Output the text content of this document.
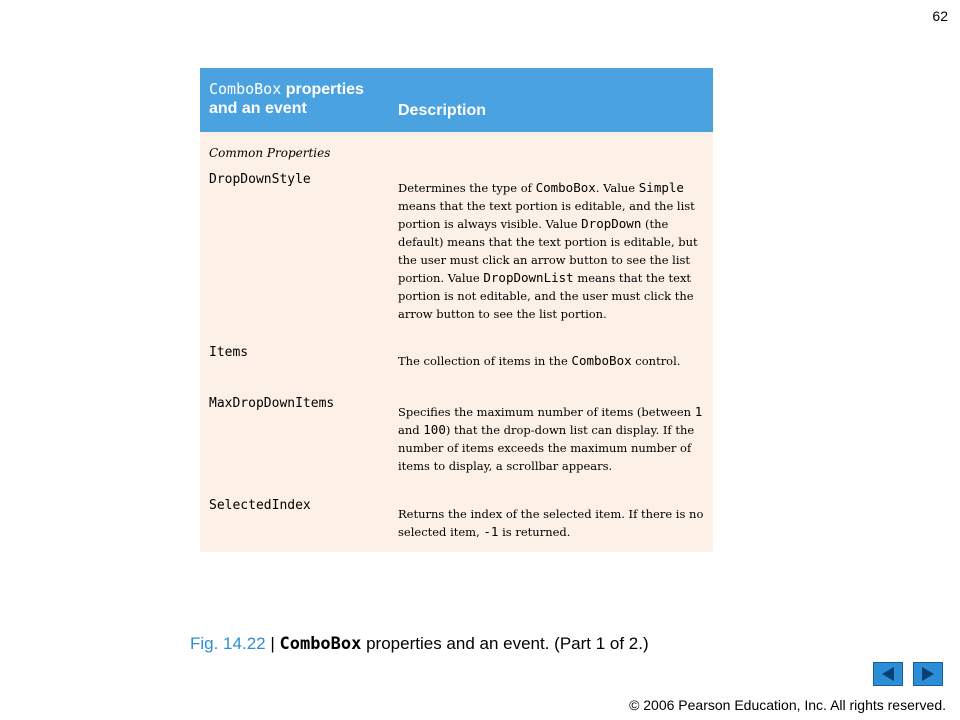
62
ComboBox properties
and an event	Description
Common Properties
DropDownStyle
Determines the type of ComboBox. Value Simple means that the text portion is editable, and the list portion is always visible. Value DropDown (the default) means that the text portion is editable, but the user must click an arrow button to see the list portion. Value DropDownList means that the text portion is not editable, and the user must click the arrow button to see the list portion.
Items
The collection of items in the ComboBox control.
MaxDropDownItems
Specifies the maximum number of items (between 1 and 100) that the drop-down list can display. If the number of items exceeds the maximum number of items to display, a scrollbar appears.
SelectedIndex
Returns the index of the selected item. If there is no selected item, -1 is returned.
Fig. 14.22 | ComboBox properties and an event. (Part 1 of 2.)
© 2006 Pearson Education, Inc. All rights reserved.
